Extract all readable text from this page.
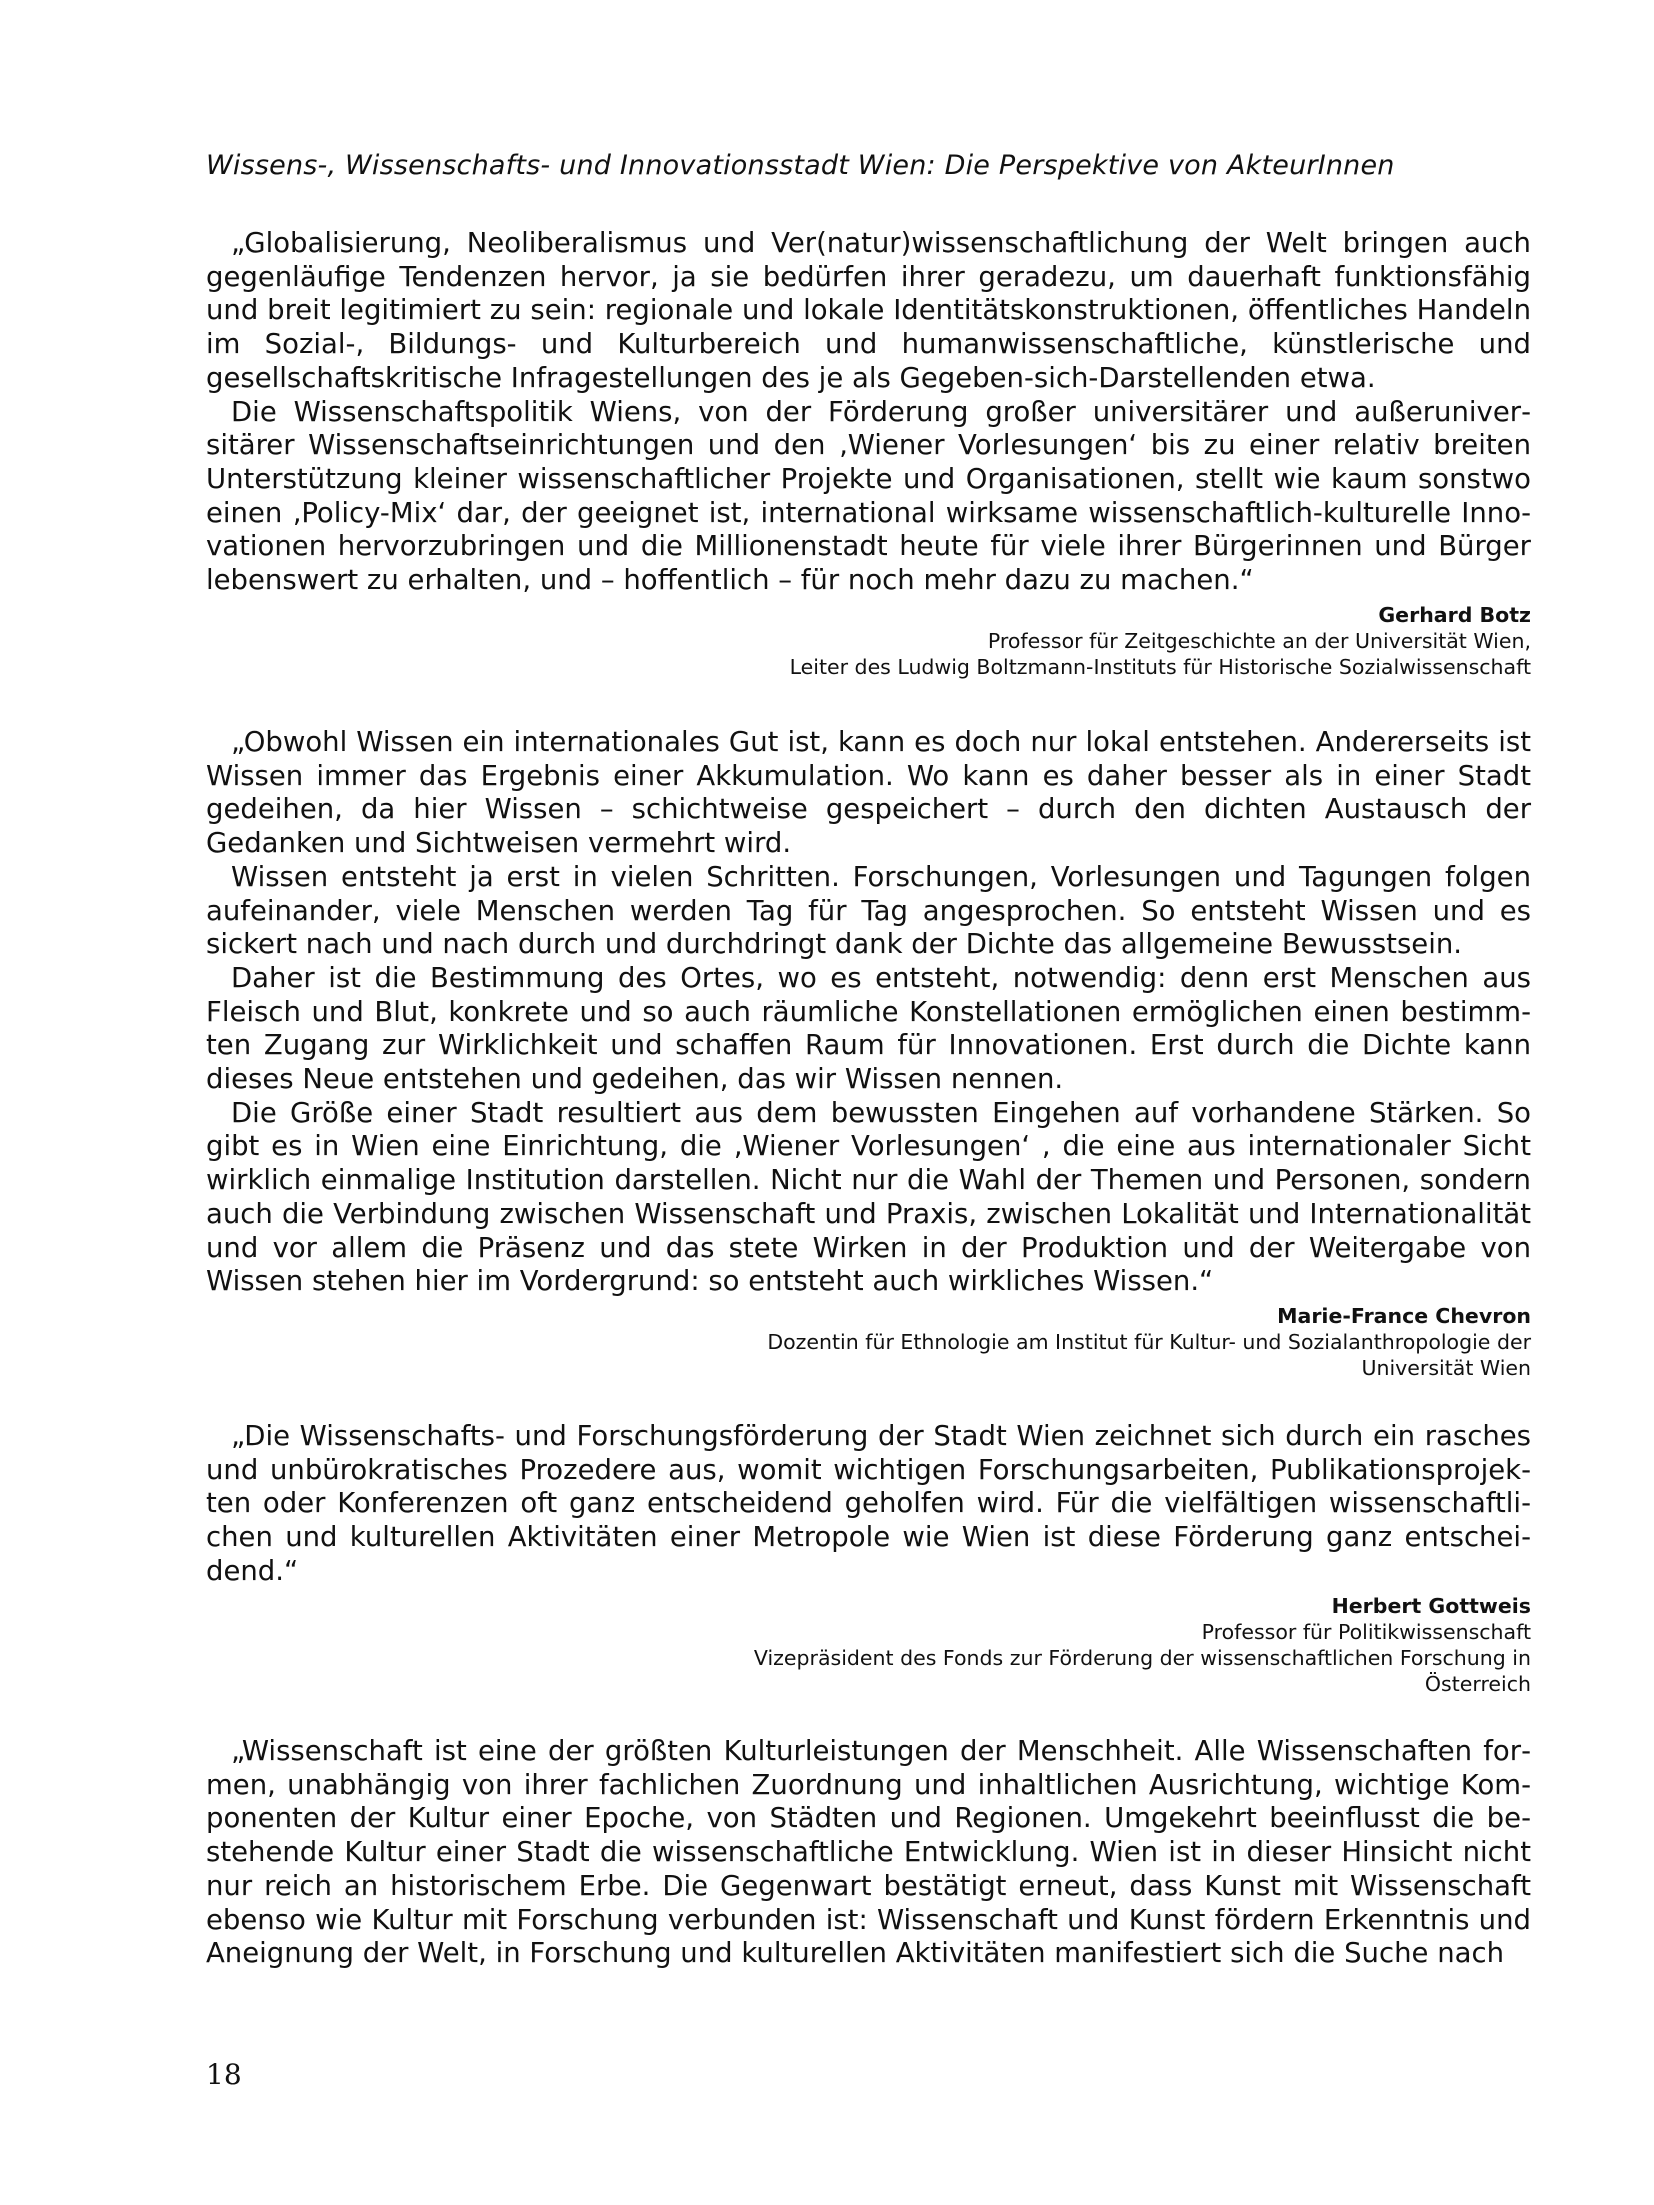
Wissens-, Wissenschafts- und Innovationsstadt Wien: Die Perspektive von AkteurInnen

„Globalisierung, Neoliberalismus und Ver(natur)wissenschaftlichung der Welt bringen auch gegenläufige Tendenzen hervor, ja sie bedürfen ihrer geradezu, um dauerhaft funktionsfähig und breit legitimiert zu sein: regionale und lokale Identitätskonstruktionen, öffentliches Handeln im Sozial-, Bildungs- und Kulturbereich und humanwissenschaftliche, künstlerische und gesellschaftskritische Infragestellungen des je als Gegeben-sich-Darstellenden etwa.

Die Wissenschaftspolitik Wiens, von der Förderung großer universitärer und außeruniversitärer Wissenschaftseinrichtungen und den ‚Wiener Vorlesungen‘ bis zu einer relativ breiten Unterstützung kleiner wissenschaftlicher Projekte und Organisationen, stellt wie kaum sonstwo einen ‚Policy-Mix‘ dar, der geeignet ist, international wirksame wissenschaftlich-kulturelle Innovationen hervorzubringen und die Millionenstadt heute für viele ihrer Bürgerinnen und Bürger lebenswert zu erhalten, und – hoffentlich – für noch mehr dazu zu machen.“

Gerhard Botz
Professor für Zeitgeschichte an der Universität Wien,
Leiter des Ludwig Boltzmann-Instituts für Historische Sozialwissenschaft

„Obwohl Wissen ein internationales Gut ist, kann es doch nur lokal entstehen. Andererseits ist Wissen immer das Ergebnis einer Akkumulation. Wo kann es daher besser als in einer Stadt gedeihen, da hier Wissen – schichtweise gespeichert – durch den dichten Austausch der Gedanken und Sichtweisen vermehrt wird.

Wissen entsteht ja erst in vielen Schritten. Forschungen, Vorlesungen und Tagungen folgen aufeinander, viele Menschen werden Tag für Tag angesprochen. So entsteht Wissen und es sickert nach und nach durch und durchdringt dank der Dichte das allgemeine Bewusstsein.

Daher ist die Bestimmung des Ortes, wo es entsteht, notwendig: denn erst Menschen aus Fleisch und Blut, konkrete und so auch räumliche Konstellationen ermöglichen einen bestimmten Zugang zur Wirklichkeit und schaffen Raum für Innovationen. Erst durch die Dichte kann dieses Neue entstehen und gedeihen, das wir Wissen nennen.

Die Größe einer Stadt resultiert aus dem bewussten Eingehen auf vorhandene Stärken. So gibt es in Wien eine Einrichtung, die ‚Wiener Vorlesungen‘ , die eine aus internationaler Sicht wirklich einmalige Institution darstellen. Nicht nur die Wahl der Themen und Personen, sondern auch die Verbindung zwischen Wissenschaft und Praxis, zwischen Lokalität und Internationalität und vor allem die Präsenz und das stete Wirken in der Produktion und der Weitergabe von Wissen stehen hier im Vordergrund: so entsteht auch wirkliches Wissen.“

Marie-France Chevron
Dozentin für Ethnologie am Institut für Kultur- und Sozialanthropologie der
Universität Wien

„Die Wissenschafts- und Forschungsförderung der Stadt Wien zeichnet sich durch ein rasches und unbürokratisches Prozedere aus, womit wichtigen Forschungsarbeiten, Publikationsprojekten oder Konferenzen oft ganz entscheidend geholfen wird. Für die vielfältigen wissenschaftlichen und kulturellen Aktivitäten einer Metropole wie Wien ist diese Förderung ganz entscheidend.“

Herbert Gottweis
Professor für Politikwissenschaft
Vizepräsident des Fonds zur Förderung der wissenschaftlichen Forschung in
Österreich

„Wissenschaft ist eine der größten Kulturleistungen der Menschheit. Alle Wissenschaften formen, unabhängig von ihrer fachlichen Zuordnung und inhaltlichen Ausrichtung, wichtige Komponenten der Kultur einer Epoche, von Städten und Regionen. Umgekehrt beeinflusst die bestehende Kultur einer Stadt die wissenschaftliche Entwicklung. Wien ist in dieser Hinsicht nicht nur reich an historischem Erbe. Die Gegenwart bestätigt erneut, dass Kunst mit Wissenschaft ebenso wie Kultur mit Forschung verbunden ist: Wissenschaft und Kunst fördern Erkenntnis und Aneignung der Welt, in Forschung und kulturellen Aktivitäten manifestiert sich die Suche nach

18
